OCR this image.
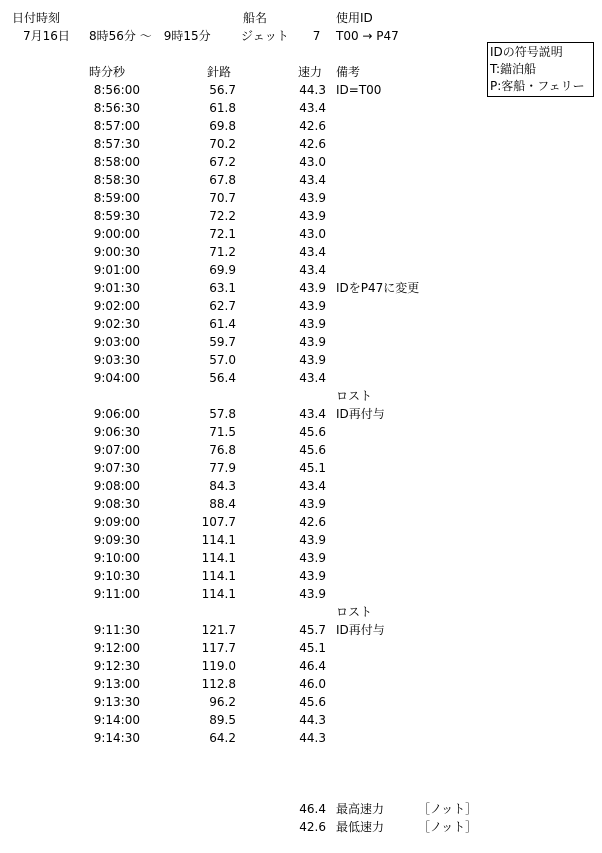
日付時刻	船名	使用ID
7月16日 8時56分 ～　9時15分	ジェット　　7 T00 → P47
IDの符号説明
T:錨泊船
P:客船・フェリー
時分秒	針路	速力 備考
8:56:00	56.7	44.3 ID=T00
8:56:30	61.8	43.4
8:57:00	69.8	42.6
8:57:30	70.2	42.6
8:58:00	67.2	43.0
8:58:30	67.8	43.4
8:59:00	70.7	43.9
8:59:30	72.2	43.9
9:00:00	72.1	43.0
9:00:30	71.2	43.4
9:01:00	69.9	43.4
9:01:30	63.1	43.9 IDをP47に変更
9:02:00	62.7	43.9
9:02:30	61.4	43.9
9:03:00	59.7	43.9
9:03:30	57.0	43.9
9:04:00	56.4	43.4
ロスト
9:06:00	57.8	43.4 ID再付与
9:06:30	71.5	45.6
9:07:00	76.8	45.6
9:07:30	77.9	45.1
9:08:00	84.3	43.4
9:08:30	88.4	43.9
9:09:00	107.7	42.6
9:09:30	114.1	43.9
9:10:00	114.1	43.9
9:10:30	114.1	43.9
9:11:00	114.1	43.9
ロスト
9:11:30	121.7	45.7 ID再付与
9:12:00	117.7	45.1
9:12:30	119.0	46.4
9:13:00	112.8	46.0
9:13:30	96.2	45.6
9:14:00	89.5	44.3
9:14:30	64.2	44.3
46.4 最高速力	［ノット］
42.6 最低速力	［ノット］
